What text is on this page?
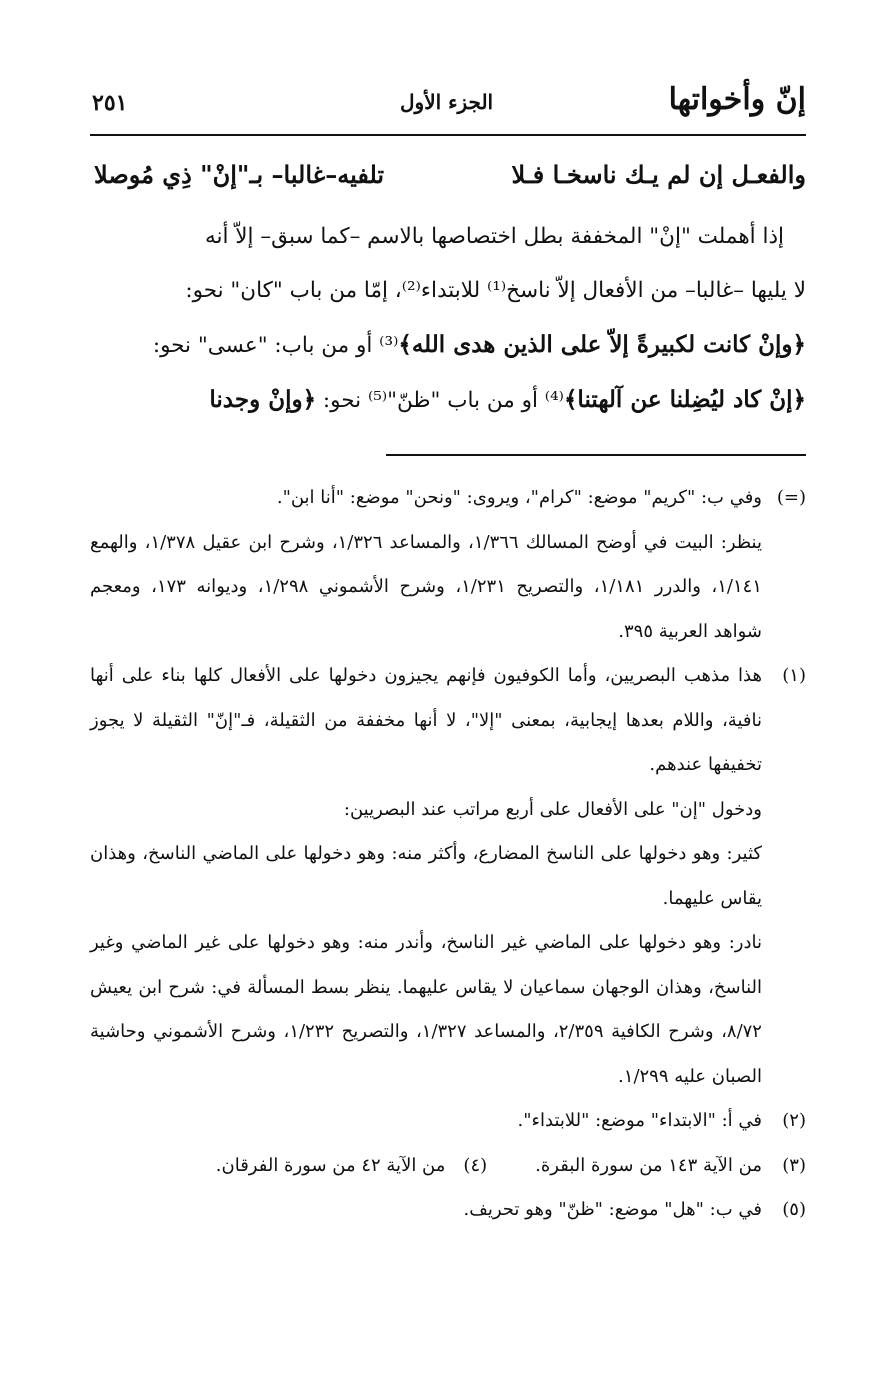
إنّ وأخواتها
الجزء الأول
٢٥١
والفعـل إن لم يـك ناسخـا فـلا
تلفيه–غالبا– بـ"إنْ" ذِي مُوصلا

إذا أهملت "إنْ" المخففة بطل اختصاصها بالاسم –كما سبق– إلاّ أنه

لا يليها –غالبا– من الأفعال إلاّ ناسخ⁽¹⁾ للابتداء⁽²⁾، إمّا من باب "كان" نحو:

﴿وإنْ كانت لكبيرةً إلاّ على الذين هدى الله﴾⁽³⁾ أو من باب: "عسى" نحو:

﴿إنْ كاد ليُضِلنا عن آلهتنا﴾⁽⁴⁾ أو من باب "ظنّ"⁽⁵⁾ نحو: ﴿وإنْ وجدنا

(=)

وفي ب: "كريم" موضع: "كرام"، ويروى: "ونحن" موضع: "أنا ابن".

ينظر: البيت في أوضح المسالك ١/٣٦٦، والمساعد ١/٣٢٦، وشرح ابن عقيل ١/٣٧٨، والهمع ١/١٤١، والدرر ١/١٨١، والتصريح ١/٢٣١، وشرح الأشموني ١/٢٩٨، وديوانه ١٧٣، ومعجم شواهد العربية ٣٩٥.

(١)

هذا مذهب البصريين، وأما الكوفيون فإنهم يجيزون دخولها على الأفعال كلها بناء على أنها نافية، واللام بعدها إيجابية، بمعنى "إلا"، لا أنها مخففة من الثقيلة، فـ"إنّ" الثقيلة لا يجوز تخفيفها عندهم.

ودخول "إن" على الأفعال على أربع مراتب عند البصريين:

كثير: وهو دخولها على الناسخ المضارع، وأكثر منه: وهو دخولها على الماضي الناسخ، وهذان يقاس عليهما.

نادر: وهو دخولها على الماضي غير الناسخ، وأندر منه: وهو دخولها على غير الماضي وغير الناسخ، وهذان الوجهان سماعيان لا يقاس عليهما. ينظر بسط المسألة في: شرح ابن يعيش ٨/٧٢، وشرح الكافية ٢/٣٥٩، والمساعد ١/٣٢٧، والتصريح ١/٢٣٢، وشرح الأشموني وحاشية الصبان عليه ١/٢٩٩.

(٢)

في أ: "الابتداء" موضع: "للابتداء".

(٣)
من الآية ١٤٣ من سورة البقرة.(٤)من الآية ٤٢ من سورة الفرقان.
(٥)

في ب: "هل" موضع: "ظنّ" وهو تحريف.
